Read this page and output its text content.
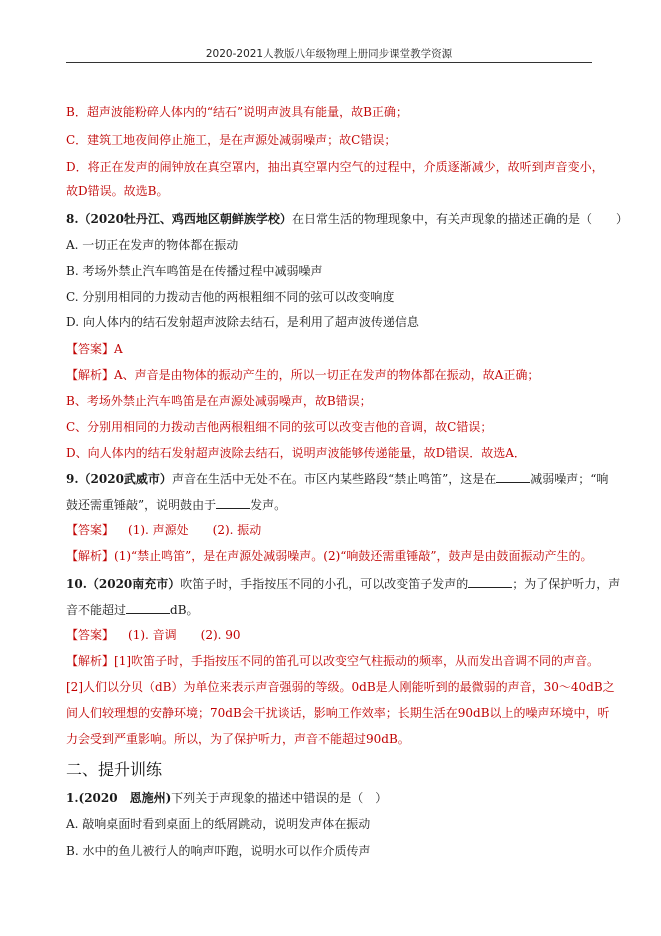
2020-2021人教版八年级物理上册同步课堂教学资源
B．超声波能粉碎人体内的“结石”说明声波具有能量，故B正确；
C．建筑工地夜间停止施工，是在声源处减弱噪声；故C错误；
D．将正在发声的闹钟放在真空罩内，抽出真空罩内空气的过程中，介质逐渐减少，故听到声音变小，
故D错误。故选B。
8.（2020牡丹江、鸡西地区朝鲜族学校）在日常生活的物理现象中，有关声现象的描述正确的是（　　）
A. 一切正在发声的物体都在振动
B. 考场外禁止汽车鸣笛是在传播过程中减弱噪声
C. 分别用相同的力拨动吉他的两根粗细不同的弦可以改变响度
D. 向人体内的结石发射超声波除去结石，是利用了超声波传递信息
【答案】A
【解析】A、声音是由物体的振动产生的，所以一切正在发声的物体都在振动，故A正确；
B、考场外禁止汽车鸣笛是在声源处减弱噪声，故B错误；
C、分别用相同的力拨动吉他两根粗细不同的弦可以改变吉他的音调，故C错误；
D、向人体内的结石发射超声波除去结石，说明声波能够传递能量，故D错误．故选A．
9.（2020武威市）声音在生活中无处不在。市区内某些路段“禁止鸣笛”，这是在	减弱噪声；“响
鼓还需重锤敲”，说明鼓由于	发声。
【答案】 (1). 声源处　　(2). 振动
【解析】(1)“禁止鸣笛”，是在声源处减弱噪声。(2)“响鼓还需重锤敲”，鼓声是由鼓面振动产生的。
10.（2020南充市）吹笛子时，手指按压不同的小孔，可以改变笛子发声的	；为了保护听力，声
音不能超过	dB。
【答案】 (1). 音调　　(2). 90
【解析】[1]吹笛子时，手指按压不同的笛孔可以改变空气柱振动的频率，从而发出音调不同的声音。
[2]人们以分贝（dB）为单位来表示声音强弱的等级。0dB是人刚能听到的最微弱的声音，30～40dB之
间人们较理想的安静环境；70dB会干扰谈话，影响工作效率；长期生活在90dB以上的噪声环境中，听
力会受到严重影响。所以，为了保护听力，声音不能超过90dB。
二、提升训练
1.(2020　恩施州)下列关于声现象的描述中错误的是（　）
A. 敲响桌面时看到桌面上的纸屑跳动，说明发声体在振动
B. 水中的鱼儿被行人的响声吓跑，说明水可以作介质传声
